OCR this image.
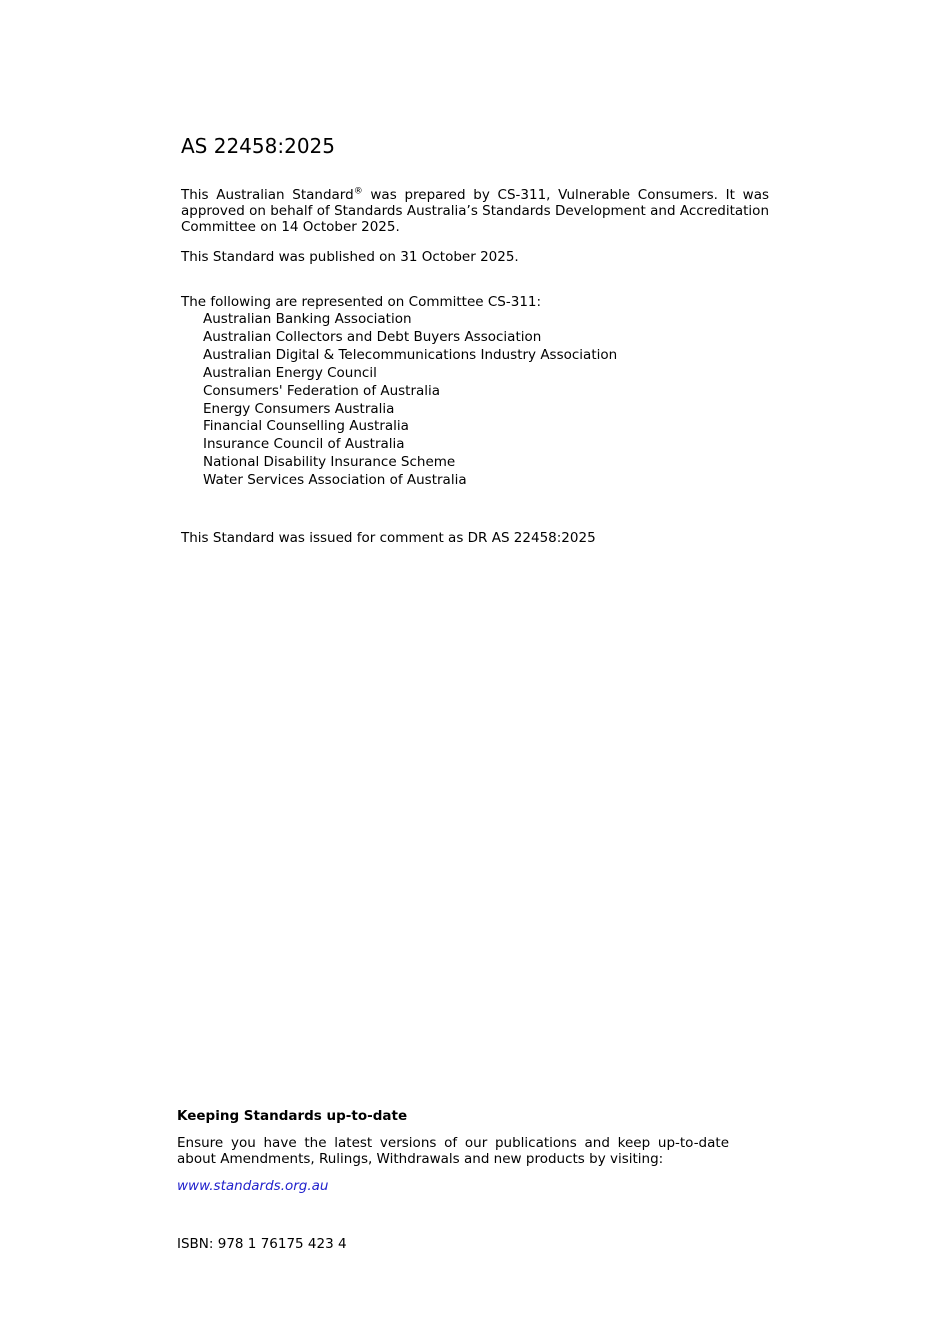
AS 22458:2025

This Australian Standard® was prepared by CS-311, Vulnerable Consumers. It was approved on behalf of Standards Australia’s Standards Development and Accreditation Committee on 14 October 2025.

This Standard was published on 31 October 2025.

The following are represented on Committee CS-311:
Australian Banking Association
Australian Collectors and Debt Buyers Association
Australian Digital & Telecommunications Industry Association
Australian Energy Council
Consumers' Federation of Australia
Energy Consumers Australia
Financial Counselling Australia
Insurance Council of Australia
National Disability Insurance Scheme
Water Services Association of Australia

This Standard was issued for comment as DR AS 22458:2025

Keeping Standards up-to-date

Ensure you have the latest versions of our publications and keep up-to-date about Amendments, Rulings, Withdrawals and new products by visiting:

www.standards.org.au
ISBN: 978 1 76175 423 4
